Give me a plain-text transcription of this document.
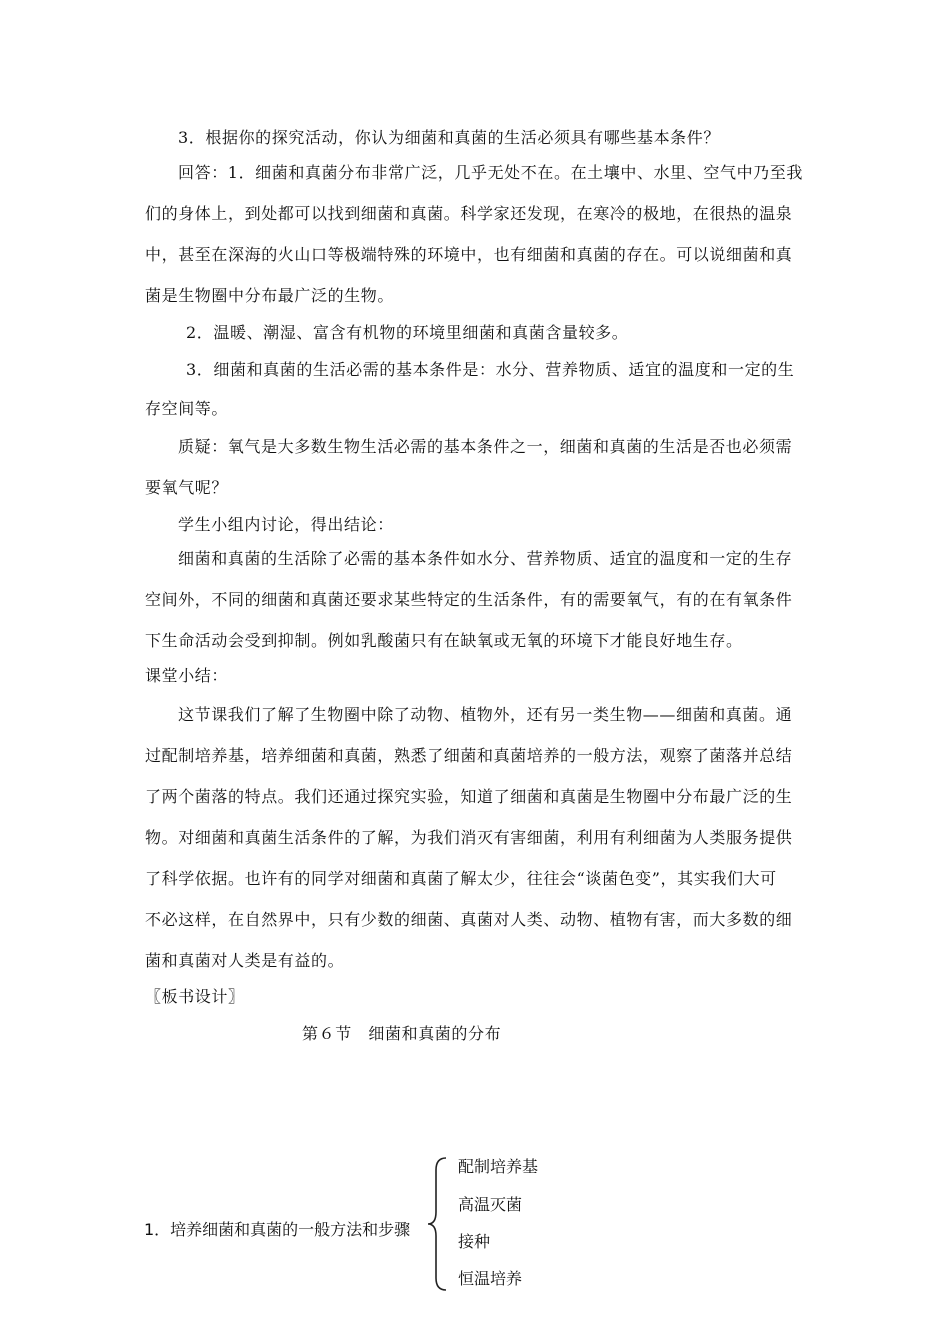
3．根据你的探究活动，你认为细菌和真菌的生活必须具有哪些基本条件？
回答：1．细菌和真菌分布非常广泛，几乎无处不在。在土壤中、水里、空气中乃至我
们的身体上，到处都可以找到细菌和真菌。科学家还发现，在寒冷的极地，在很热的温泉
中，甚至在深海的火山口等极端特殊的环境中，也有细菌和真菌的存在。可以说细菌和真
菌是生物圈中分布最广泛的生物。
2．温暖、潮湿、富含有机物的环境里细菌和真菌含量较多。
3．细菌和真菌的生活必需的基本条件是：水分、营养物质、适宜的温度和一定的生
存空间等。
质疑：氧气是大多数生物生活必需的基本条件之一，细菌和真菌的生活是否也必须需
要氧气呢？
学生小组内讨论，得出结论：
细菌和真菌的生活除了必需的基本条件如水分、营养物质、适宜的温度和一定的生存
空间外，不同的细菌和真菌还要求某些特定的生活条件，有的需要氧气，有的在有氧条件
下生命活动会受到抑制。例如乳酸菌只有在缺氧或无氧的环境下才能良好地生存。
课堂小结：
这节课我们了解了生物圈中除了动物、植物外，还有另一类生物——细菌和真菌。通
过配制培养基，培养细菌和真菌，熟悉了细菌和真菌培养的一般方法，观察了菌落并总结
了两个菌落的特点。我们还通过探究实验，知道了细菌和真菌是生物圈中分布最广泛的生
物。对细菌和真菌生活条件的了解，为我们消灭有害细菌，利用有利细菌为人类服务提供
了科学依据。也许有的同学对细菌和真菌了解太少，往往会“谈菌色变”，其实我们大可
不必这样，在自然界中，只有少数的细菌、真菌对人类、动物、植物有害，而大多数的细
菌和真菌对人类是有益的。
〖板书设计〗
第６节　细菌和真菌的分布
1．培养细菌和真菌的一般方法和步骤
配制培养基
高温灭菌
接种
恒温培养
